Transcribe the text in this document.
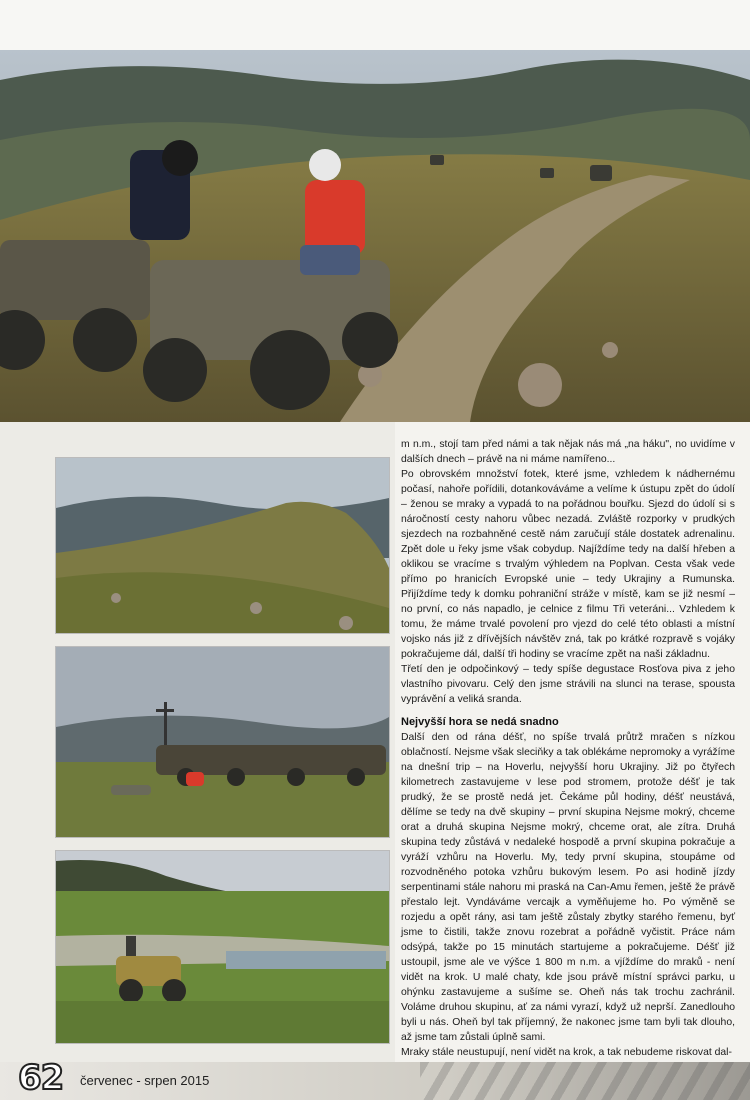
m n.m., stojí tam před námi a tak nějak nás má „na háku", no uvidíme v dalších dnech – právě na ni máme namířeno...

Po obrovském množství fotek, které jsme, vzhledem k nádhernému počasí, nahoře pořídili, dotankováváme a velíme k ústupu zpět do údolí – ženou se mraky a vypadá to na pořádnou bouřku. Sjezd do údolí si s náročností cesty nahoru vůbec nezadá. Zvláště rozporky v prudkých sjezdech na rozbahněné cestě nám zaručují stále dostatek adrenalinu. Zpět dole u řeky jsme však cobydup. Najíždíme tedy na další hřeben a oklikou se vracíme s trvalým výhledem na Poplvan. Cesta však vede přímo po hranicích Evropské unie – tedy Ukrajiny a Rumunska. Přijíždíme tedy k domku pohraniční stráže v místě, kam se již nesmí – no první, co nás napadlo, je celnice z filmu Tři veteráni... Vzhledem k tomu, že máme trvalé povolení pro vjezd do celé této oblasti a místní vojsko nás již z dřívějších návštěv zná, tak po krátké rozpravě s vojáky pokračujeme dál, další tři hodiny se vracíme zpět na naši základnu.

Třetí den je odpočinkový – tedy spíše degustace Rosťova piva z jeho vlastního pivovaru. Celý den jsme strávili na slunci na terase, spousta vyprávění a veliká sranda.

Nejvyšší hora se nedá snadno

Další den od rána déšť, no spíše trvalá průtrž mračen s nízkou oblačností. Nejsme však sleciňky a tak oblékáme nepromoky a vyrážíme na dnešní trip – na Hoverlu, nejvyšší horu Ukrajiny. Již po čtyřech kilometrech zastavujeme v lese pod stromem, protože déšť je tak prudký, že se prostě nedá jet. Čekáme půl hodiny, déšť neustává, dělíme se tedy na dvě skupiny – první skupina Nejsme mokrý, chceme orat a druhá skupina Nejsme mokrý, chceme orat, ale zítra. Druhá skupina tedy zůstává v nedaleké hospodě a první skupina pokračuje a vyráží vzhůru na Hoverlu. My, tedy první skupina, stoupáme od rozvodněného potoka vzhůru bukovým lesem. Po asi hodině jízdy serpentinami stále nahoru mi praská na Can-Amu řemen, ještě že právě přestalo lejt. Vyndáváme vercajk a vyměňujeme ho. Po výměně se rozjedu a opět rány, asi tam ještě zůstaly zbytky starého řemenu, byť jsme to čistili, takže znovu rozebrat a pořádně vyčistit. Práce nám odsýpá, takže po 15 minutách startujeme a pokračujeme. Déšť již ustoupil, jsme ale ve výšce 1 800 m n.m. a vjíždíme do mraků - není vidět na krok. U malé chaty, kde jsou právě místní správci parku, u ohýnku zastavujeme a sušíme se. Oheň nás tak trochu zachránil. Voláme druhou skupinu, ať za námi vyrazí, když už neprší. Zanedlouho byli u nás. Oheň byl tak příjemný, že nakonec jsme tam byli tak dlouho, až jsme tam zůstali úplně sami.

Mraky stále neustupují, není vidět na krok, a tak nebudeme riskovat dal-

62 červenec - srpen 2015
